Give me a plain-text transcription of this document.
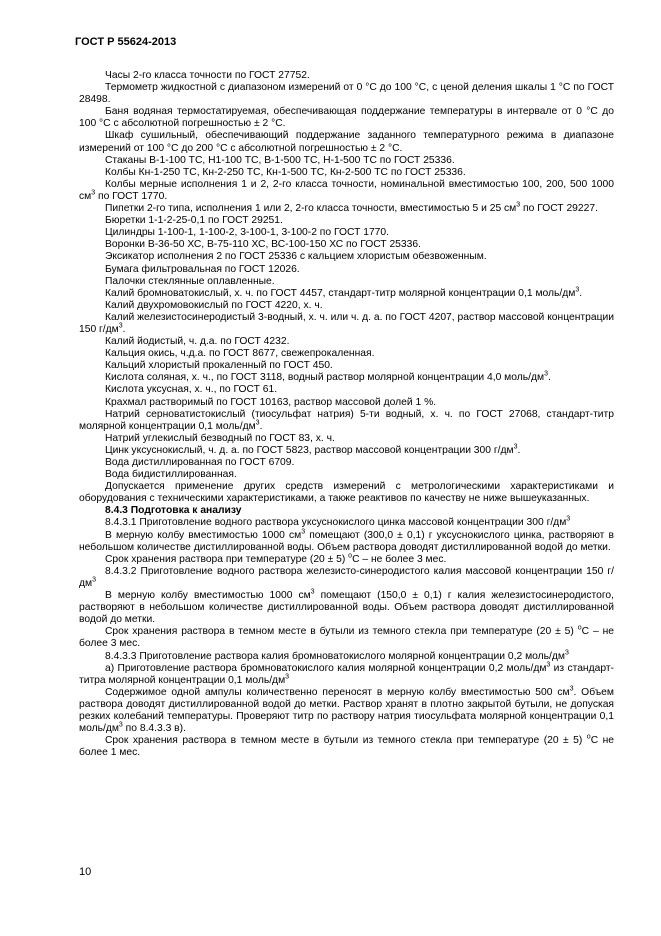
ГОСТ Р 55624-2013

Часы 2-го класса точности по ГОСТ 27752.

Термометр жидкостной с диапазоном измерений от 0 °C до 100 °C, с ценой деления шкалы 1 °C по ГОСТ 28498.

Баня водяная термостатируемая, обеспечивающая поддержание температуры в интервале от 0 °C до 100 °C с абсолютной погрешностью ± 2 °C.

Шкаф сушильный, обеспечивающий поддержание заданного температурного режима в диапазоне измерений от 100 °C до 200 °C с абсолютной погрешностью ± 2 °C.

Стаканы В-1-100 ТС, Н1-100 ТС, В-1-500 ТС, Н-1-500 ТС по ГОСТ 25336.

Колбы Кн-1-250 ТС, Кн-2-250 ТС, Кн-1-500 ТС, Кн-2-500 ТС по ГОСТ 25336.

Колбы мерные исполнения 1 и 2, 2-го класса точности, номинальной вместимостью 100, 200, 500 1000 $см^3$ по ГОСТ 1770.

Пипетки 2-го типа, исполнения 1 или 2, 2-го класса точности, вместимостью 5 и 25 $см^3$ по ГОСТ 29227.

Бюретки 1-1-2-25-0,1 по ГОСТ 29251.

Цилиндры 1-100-1, 1-100-2, 3-100-1, 3-100-2 по ГОСТ 1770.

Воронки В-36-50 ХС, В-75-110 ХС, ВС-100-150 ХС по ГОСТ 25336.

Эксикатор исполнения 2 по ГОСТ 25336 с кальцием хлористым обезвоженным.

Бумага фильтровальная по ГОСТ 12026.

Палочки стеклянные оплавленные.

Калий бромноватокислый, х. ч. по ГОСТ 4457, стандарт-титр молярной концентрации 0,1 моль/$дм^3$.

Калий двухромовокислый по ГОСТ 4220, х. ч.

Калий железистосинеродистый 3-водный, х. ч. или ч. д. а. по ГОСТ 4207, раствор массовой концентрации 150 $г/дм^3$.

Калий йодистый, ч. д.а. по ГОСТ 4232.

Кальция окись, ч.д.а. по ГОСТ 8677, свежепрокаленная.

Кальций хлористый прокаленный по ГОСТ 450.

Кислота соляная, х. ч., по ГОСТ 3118, водный раствор молярной концентрации 4,0 моль/$дм^3$.

Кислота уксусная, х. ч., по ГОСТ 61.

Крахмал растворимый по ГОСТ 10163, раствор массовой долей 1 %.

Натрий серноватистокислый (тиосульфат натрия) 5-ти водный, х. ч. по ГОСТ 27068, стандарт-титр молярной концентрации 0,1 моль/$дм^3$.

Натрий углекислый безводный по ГОСТ 83, х. ч.

Цинк уксуснокислый, ч. д. а. по ГОСТ 5823, раствор массовой концентрации 300 $г/дм^3$.

Вода дистиллированная по ГОСТ 6709.

Вода бидистиллированная.

Допускается применение других средств измерений с метрологическими характеристиками и оборудования с техническими характеристиками, а также реактивов по качеству не ниже вышеуказанных.

8.4.3 Подготовка к анализу

8.4.3.1 Приготовление водного раствора уксуснокислого цинка массовой концентрации 300 $г/дм^3$

В мерную колбу вместимостью 1000 $см^3$ помещают (300,0 ± 0,1) г уксуснокислого цинка, растворяют в небольшом количестве дистиллированной воды. Объем раствора доводят дистиллированной водой до метки.

Срок хранения раствора при температуре (20 ± 5) $^о$С – не более 3 мес.

8.4.3.2 Приготовление водного раствора железисто-синеродистого калия массовой концентрации 150 $г/дм^3$

В мерную колбу вместимостью 1000 $см^3$ помещают (150,0 ± 0,1) г калия железистосинеродистого, растворяют в небольшом количестве дистиллированной воды. Объем раствора доводят дистиллированной водой до метки.

Срок хранения раствора в темном месте в бутыли из темного стекла при температуре (20 ± 5) $^о$С – не более 3 мес.

8.4.3.3 Приготовление раствора калия бромноватокислого молярной концентрации 0,2 моль/$дм^3$

а) Приготовление раствора бромноватокислого калия молярной концентрации 0,2 моль/$дм^3$ из стандарт-титра молярной концентрации 0,1 моль/$дм^3$

Содержимое одной ампулы количественно переносят в мерную колбу вместимостью 500 $см^3$. Объем раствора доводят дистиллированной водой до метки. Раствор хранят в плотно закрытой бутыли, не допуская резких колебаний температуры. Проверяют титр по раствору натрия тиосульфата молярной концентрации 0,1 моль/$дм^3$ по 8.4.3.3 в).

Срок хранения раствора в темном месте в бутыли из темного стекла при температуре (20 ± 5) $^о$С не более 1 мес.

10
